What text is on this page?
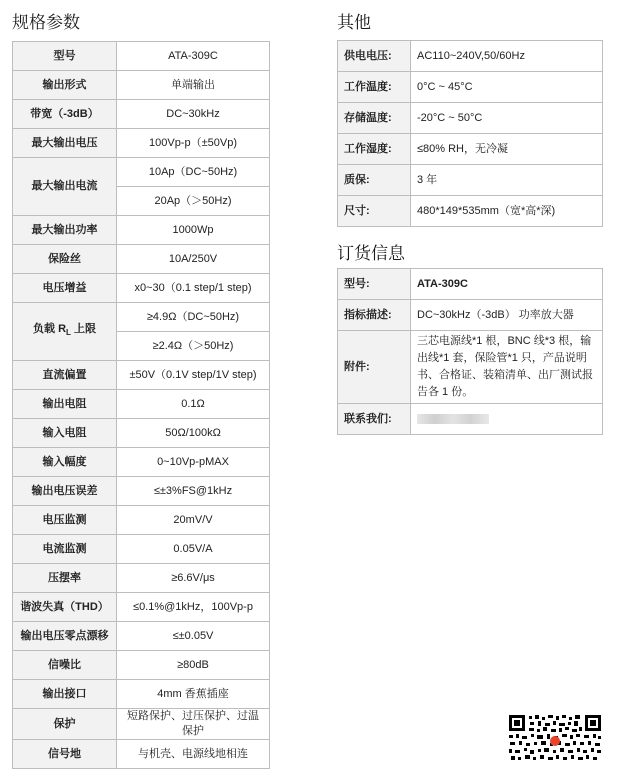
规格参数	其他
订货信息
型号	ATA-309C
输出形式	单端输出
带宽（-3dB）	DC~30kHz
最大输出电压	100Vp-p（±50Vp)
最大输出电流	10Ap（DC~50Hz)
	20Ap（＞50Hz)
最大输出功率	1000Wp
保险丝	10A/250V
电压增益	x0~30（0.1 step/1 step)
负载 $R_L$ 上限	≥4.9Ω（DC~50Hz)
	≥2.4Ω（＞50Hz)
直流偏置	±50V（0.1V step/1V step)
输出电阻	0.1Ω
输入电阻	50Ω/100kΩ
输入幅度	0~10Vp-pMAX
输出电压误差	≤±3%FS@1kHz
电压监测	20mV/V
电流监测	0.05V/A
压摆率	≥6.6V/μs
谐波失真（THD）	≤0.1%@1kHz，100Vp-p
输出电压零点漂移	≤±0.05V
信噪比	≥80dB
输出接口	4mm 香蕉插座
保护	短路保护、过压保护、过温保护
信号地	与机壳、电源线地相连
供电电压:	AC110~240V,50/60Hz
工作温度:	0°C ~ 45°C
存储温度:	-20°C ~ 50°C
工作湿度:	≤80% RH，无冷凝
质保:	3 年
尺寸:	480*149*535mm（宽*高*深)
型号:	ATA-309C
指标描述:	DC~30kHz（-3dB） 功率放大器
附件:	三芯电源线*1 根，BNC 线*3 根，输出线*1 套，保险管*1 只，产品说明书、合格证、装箱清单、出厂测试报告各 1 份。
联系我们:	
